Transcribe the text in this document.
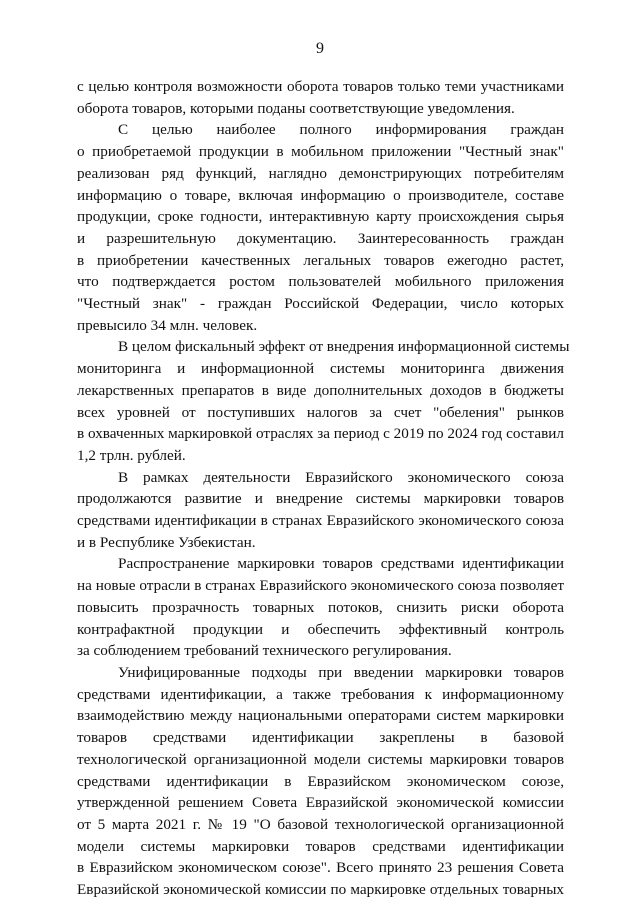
9
с целью контроля возможности оборота товаров только теми участниками
оборота товаров, которыми поданы соответствующие уведомления.
С целью наиболее полного информирования граждан
о приобретаемой продукции в мобильном приложении "Честный знак"
реализован ряд функций, наглядно демонстрирующих потребителям
информацию о товаре, включая информацию о производителе, составе
продукции, сроке годности, интерактивную карту происхождения сырья
и разрешительную документацию. Заинтересованность граждан
в приобретении качественных легальных товаров ежегодно растет,
что подтверждается ростом пользователей мобильного приложения
"Честный знак" - граждан Российской Федерации, число которых
превысило 34 млн. человек.
В целом фискальный эффект от внедрения информационной системы
мониторинга и информационной системы мониторинга движения
лекарственных препаратов в виде дополнительных доходов в бюджеты
всех уровней от поступивших налогов за счет "обеления" рынков
в охваченных маркировкой отраслях за период с 2019 по 2024 год составил
1,2 трлн. рублей.
В рамках деятельности Евразийского экономического союза
продолжаются развитие и внедрение системы маркировки товаров
средствами идентификации в странах Евразийского экономического союза
и в Республике Узбекистан.
Распространение маркировки товаров средствами идентификации
на новые отрасли в странах Евразийского экономического союза позволяет
повысить прозрачность товарных потоков, снизить риски оборота
контрафактной продукции и обеспечить эффективный контроль
за соблюдением требований технического регулирования.
Унифицированные подходы при введении маркировки товаров
средствами идентификации, а также требования к информационному
взаимодействию между национальными операторами систем маркировки
товаров средствами идентификации закреплены в базовой
технологической организационной модели системы маркировки товаров
средствами идентификации в Евразийском экономическом союзе,
утвержденной решением Совета Евразийской экономической комиссии
от 5 марта 2021 г. № 19 "О базовой технологической организационной
модели системы маркировки товаров средствами идентификации
в Евразийском экономическом союзе". Всего принято 23 решения Совета
Евразийской экономической комиссии по маркировке отдельных товарных
